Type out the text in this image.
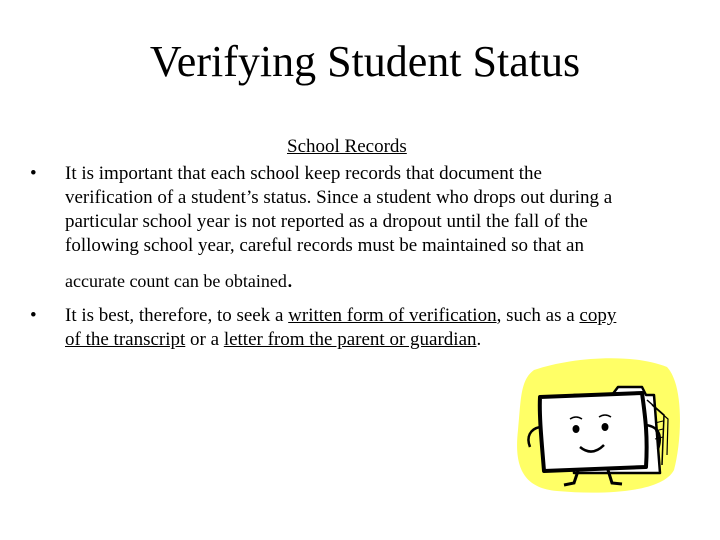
Verifying Student Status
School Records
• It is important that each school keep records that document the
verification of a student’s status. Since a student who drops out during a
particular school year is not reported as a dropout until the fall of the
following school year, careful records must be maintained so that an
accurate count can be obtained.
• It is best, therefore, to seek a written form of verification, such as a copy
of the transcript or a letter from the parent or guardian.
